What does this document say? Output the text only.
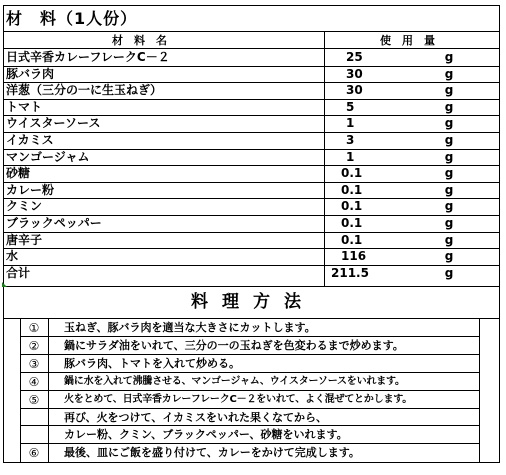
材　料（1人份）
材　料　名	使　用　量
日式辛香カレーフレークC－２	25	g
豚バラ肉	30	g
洋葱（三分の一に生玉ねぎ）	30	g
トマト	5	g
ウイスターソース	1	g
イカミス	3	g
マンゴージャム	1	g
砂糖	0.1	g
カレー粉	0.1	g
クミン	0.1	g
ブラックペッパー	0.1	g
唐辛子	0.1	g
水	116	g
合计	211.5	g
料理方法
①	玉ねぎ、豚バラ肉を適当な大きさにカットします。
②	鍋にサラダ油をいれて、三分の一の玉ねぎを色変わるまで炒めます。
③	豚バラ肉、トマトを入れて炒める。
④	鍋に水を入れて沸騰させる、マンゴージャム、ウイスターソースをいれます。
⑤	火をとめて、日式辛香カレーフレークC－２をいれて、よく混ぜてとかします。
再び、火をつけて、イカミスをいれた果くなてから、
カレー粉、クミン、ブラックペッパー、砂糖をいれます。
⑥	最後、皿にご飯を盛り付けて、カレーをかけて完成します。
